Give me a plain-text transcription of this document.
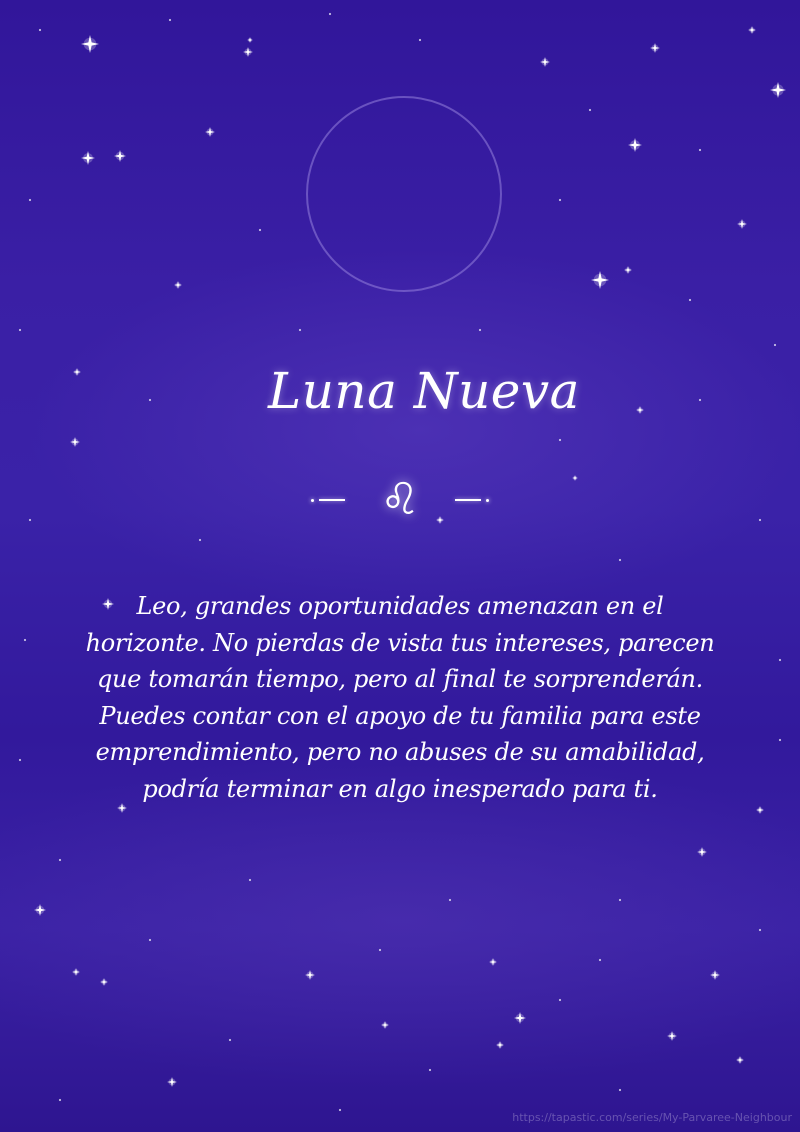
Luna Nueva
♌︎
Leo, grandes oportunidades amenazan en el
horizonte. No pierdas de vista tus intereses, parecen
que tomarán tiempo, pero al final te sorprenderán.
Puedes contar con el apoyo de tu familia para este
emprendimiento, pero no abuses de su amabilidad,
podría terminar en algo inesperado para ti.
https://tapastic.com/series/My-Parvaree-Neighbour
